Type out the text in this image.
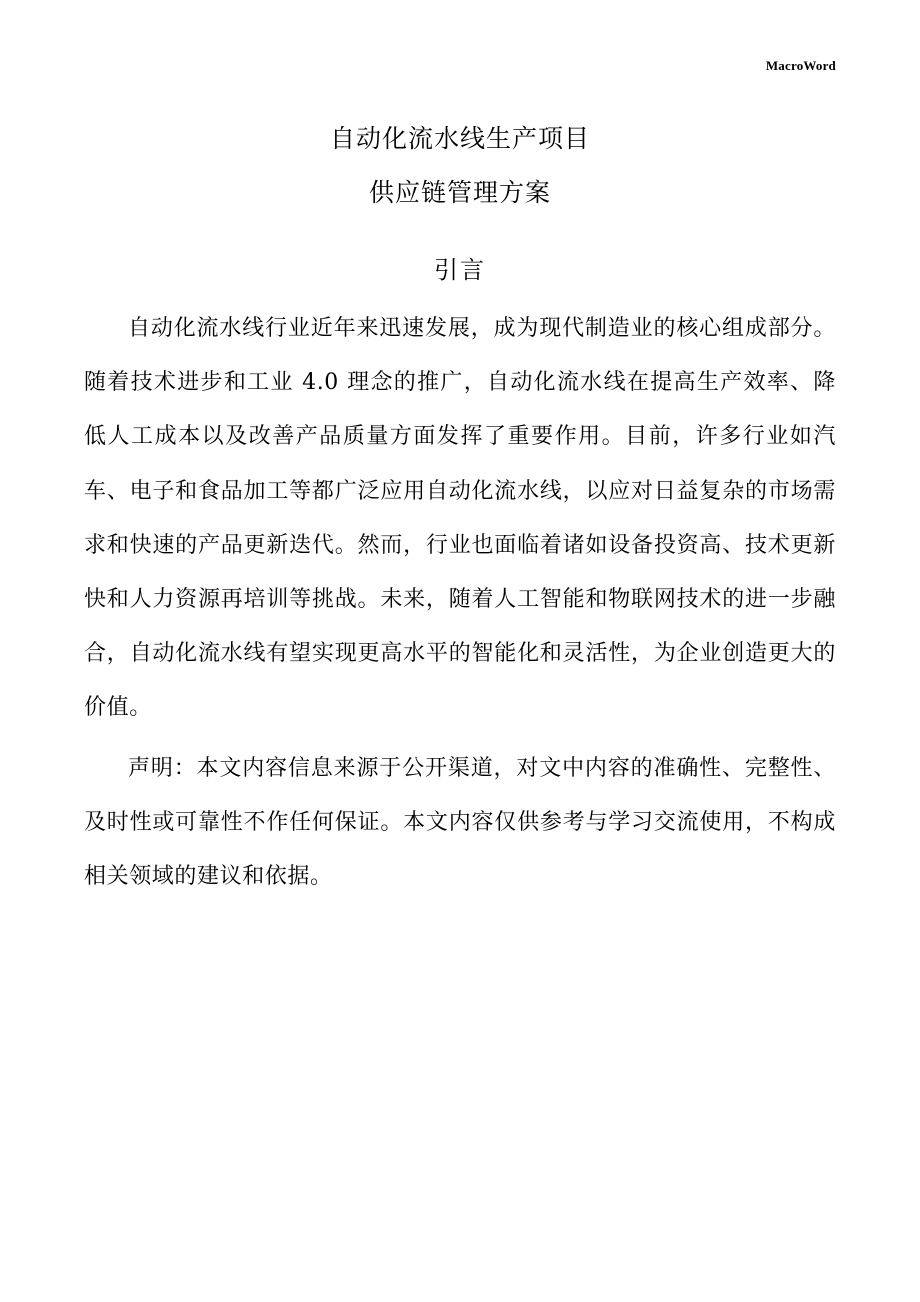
MacroWord
自动化流水线生产项目
供应链管理方案
引言

自动化流水线行业近年来迅速发展，成为现代制造业的核心组成部分。随着技术进步和工业 4.0 理念的推广，自动化流水线在提高生产效率、降低人工成本以及改善产品质量方面发挥了重要作用。目前，许多行业如汽车、电子和食品加工等都广泛应用自动化流水线，以应对日益复杂的市场需求和快速的产品更新迭代。然而，行业也面临着诸如设备投资高、技术更新快和人力资源再培训等挑战。未来，随着人工智能和物联网技术的进一步融合，自动化流水线有望实现更高水平的智能化和灵活性，为企业创造更大的价值。

声明：本文内容信息来源于公开渠道，对文中内容的准确性、完整性、及时性或可靠性不作任何保证。本文内容仅供参考与学习交流使用，不构成相关领域的建议和依据。
